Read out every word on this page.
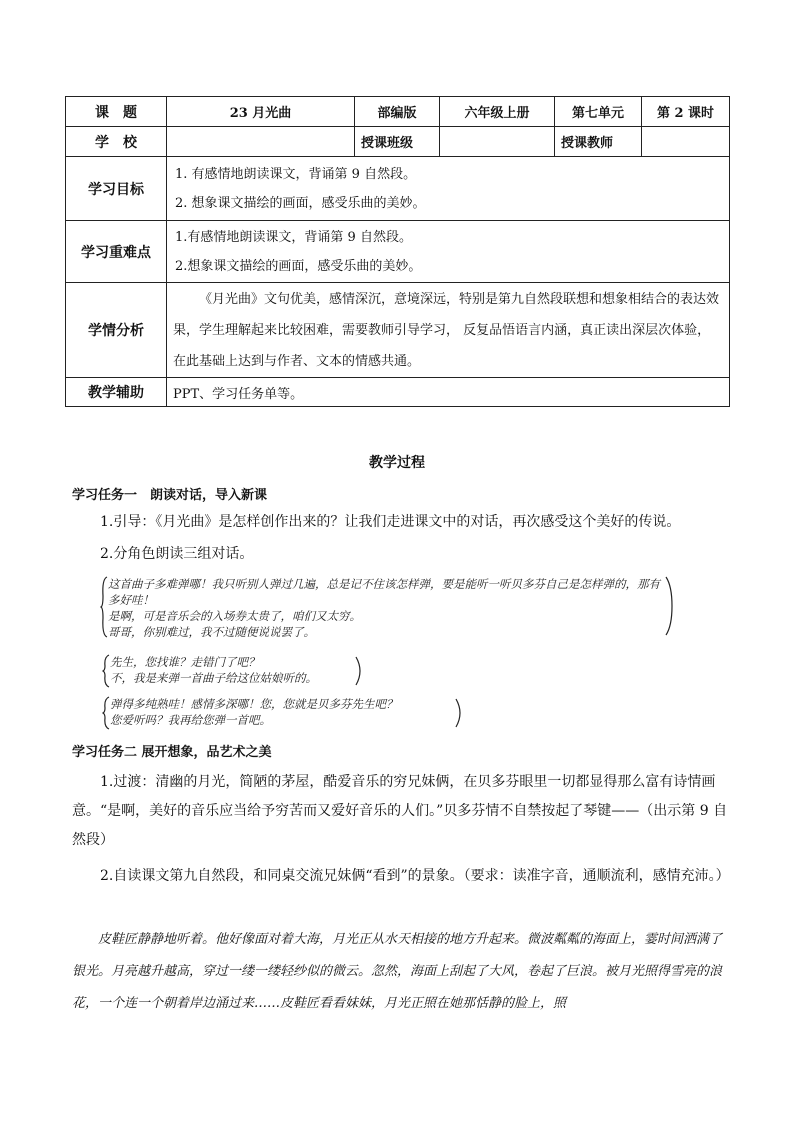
课　题	23 月光曲	部编版	六年级上册	第七单元	第 2 课时
学　校		授课班级		授课教师	
学习目标	1. 有感情地朗读课文，背诵第 9 自然段。
2. 想象课文描绘的画面，感受乐曲的美妙。				

学习重难点	1.有感情地朗读课文，背诵第 9 自然段。
2.想象课文描绘的画面，感受乐曲的美妙。				

学情分析	《月光曲》文句优美，感情深沉，意境深远，特别是第九自然段联想和想象相结合的表达效果，学生理解起来比较困难，需要教师引导学习， 反复品悟语言内涵，真正读出深层次体验，在此基础上达到与作者、文本的情感共通。				

教学辅助	PPT、学习任务单等。				
教学过程
学习任务一　朗读对话，导入新课
1.引导：《月光曲》是怎样创作出来的？让我们走进课文中的对话，再次感受这个美好的传说。
2.分角色朗读三组对话。
这首曲子多难弹哪！我只听别人弹过几遍，总是记不住该怎样弹，要是能听一听贝多芬自己是怎样弹的，那有多好哇！
是啊，可是音乐会的入场券太贵了，咱们又太穷。
哥哥，你别难过，我不过随便说说罢了。
先生，您找谁？走错门了吧？
不，我是来弹一首曲子给这位姑娘听的。
弹得多纯熟哇！感情多深哪！您，您就是贝多芬先生吧？
您爱听吗？我再给您弹一首吧。
学习任务二 展开想象，品艺术之美
1.过渡：清幽的月光，简陋的茅屋，酷爱音乐的穷兄妹俩，在贝多芬眼里一切都显得那么富有诗情画意。“是啊，美好的音乐应当给予穷苦而又爱好音乐的人们。”贝多芬情不自禁按起了琴键——（出示第 9 自然段）
2.自读课文第九自然段，和同桌交流兄妹俩“看到”的景象。（要求：读准字音，通顺流利，感情充沛。）
皮鞋匠静静地听着。他好像面对着大海，月光正从水天相接的地方升起来。微波粼粼的海面上，霎时间洒满了银光。月亮越升越高，穿过一缕一缕轻纱似的微云。忽然，海面上刮起了大风，卷起了巨浪。被月光照得雪亮的浪花，一个连一个朝着岸边涌过来……皮鞋匠看看妹妹，月光正照在她那恬静的脸上，照
